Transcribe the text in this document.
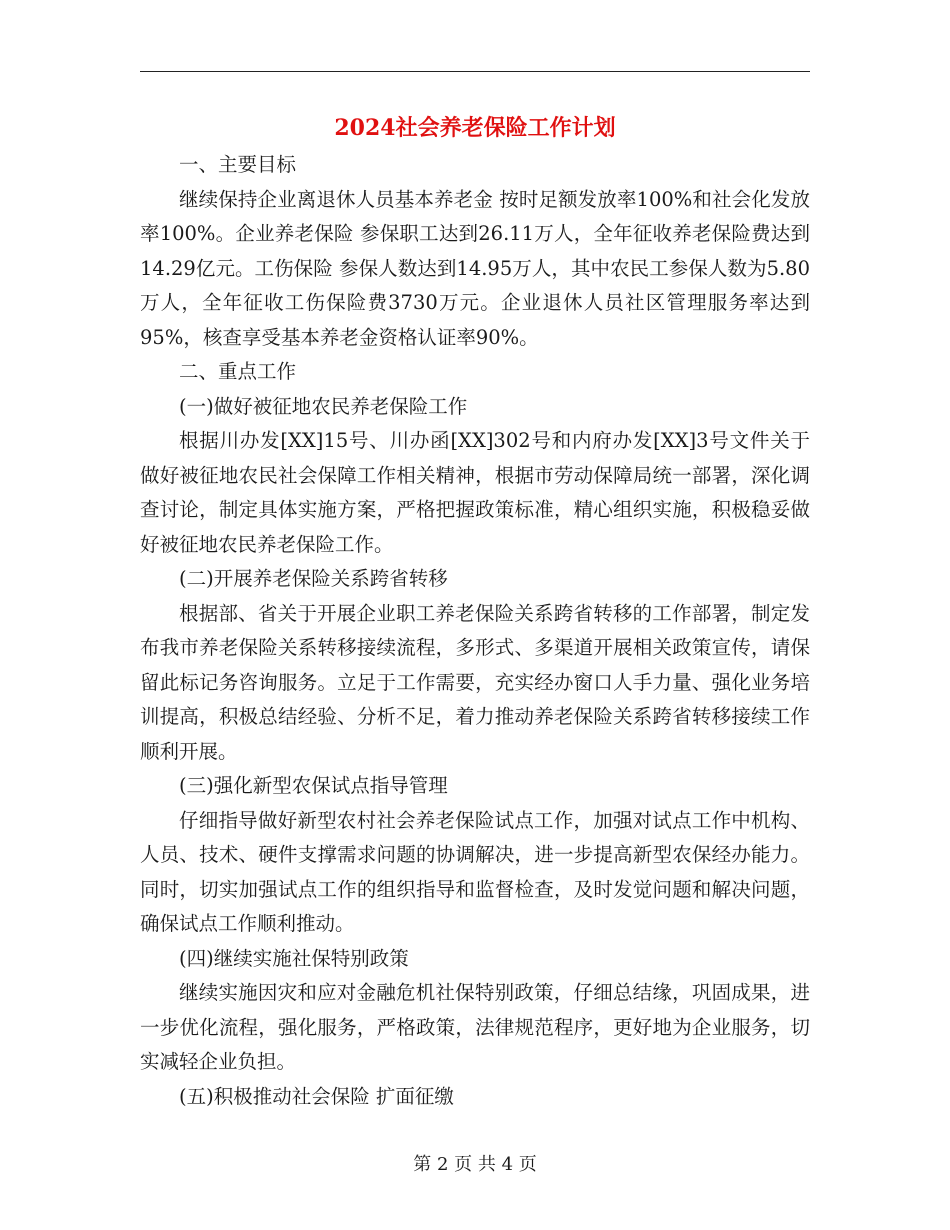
2024社会养老保险工作计划

一、主要目标

继续保持企业离退休人员基本养老金 按时足额发放率100%和社会化发放率100%。企业养老保险 参保职工达到26.11万人，全年征收养老保险费达到14.29亿元。工伤保险 参保人数达到14.95万人，其中农民工参保人数为5.80万人，全年征收工伤保险费3730万元。企业退休人员社区管理服务率达到95%，核查享受基本养老金资格认证率90%。

二、重点工作

(一)做好被征地农民养老保险工作

根据川办发[XX]15号、川办函[XX]302号和内府办发[XX]3号文件关于做好被征地农民社会保障工作相关精神，根据市劳动保障局统一部署，深化调查讨论，制定具体实施方案，严格把握政策标准，精心组织实施，积极稳妥做好被征地农民养老保险工作。

(二)开展养老保险关系跨省转移

根据部、省关于开展企业职工养老保险关系跨省转移的工作部署，制定发布我市养老保险关系转移接续流程，多形式、多渠道开展相关政策宣传，请保留此标记务咨询服务。立足于工作需要，充实经办窗口人手力量、强化业务培训提高，积极总结经验、分析不足，着力推动养老保险关系跨省转移接续工作顺利开展。

(三)强化新型农保试点指导管理

仔细指导做好新型农村社会养老保险试点工作，加强对试点工作中机构、人员、技术、硬件支撑需求问题的协调解决，进一步提高新型农保经办能力。同时，切实加强试点工作的组织指导和监督检查，及时发觉问题和解决问题，确保试点工作顺利推动。

(四)继续实施社保特别政策

继续实施因灾和应对金融危机社保特别政策，仔细总结缘，巩固成果，进一步优化流程，强化服务，严格政策，法律规范程序，更好地为企业服务，切实减轻企业负担。

(五)积极推动社会保险 扩面征缴

第 2 页 共 4 页
